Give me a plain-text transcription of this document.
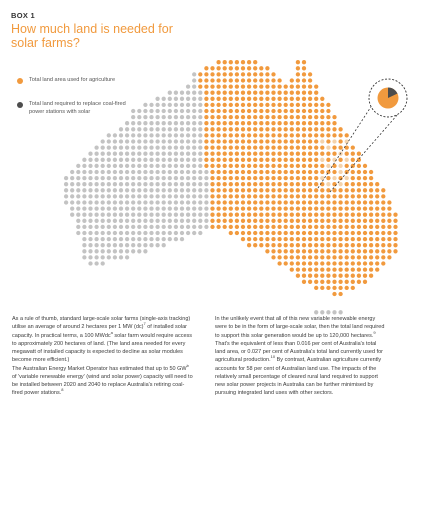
BOX 1
How much land is needed for solar farms?
Total land area used for agriculture
Total land required to replace coal-fired power stations with solar

As a rule of thumb, standard large-scale solar farms (single-axis tracking) utilise an average of around 2 hectares per 1 MW (dc)$^7$ of installed solar capacity. In practical terms, a 100 MWdc$^a$ solar farm would require access to approximately 200 hectares of land. (The land area needed for every megawatt of installed capacity is expected to decline as solar modules become more efficient.)

The Australian Energy Market Operator has estimated that up to 50 $GW^b$ of 'variable renewable energy' (wind and solar power) capacity will need to be installed between 2020 and 2040 to replace Australia's retiring coal-fired power stations.$^8$

In the unlikely event that all of this new variable renewable energy were to be in the form of large-scale solar, then the total land required to support this solar generation would be up to 120,000 hectares.$^9$ That's the equivalent of less than 0.016 per cent of Australia's total land area, or 0.027 per cent of Australia's total land currently used for agricultural production.$^{10}$ By contrast, Australian agriculture currently accounts for 58 per cent of Australian land use. The impacts of the relatively small percentage of cleared rural land required to support new solar power projects in Australia can be further minimised by pursuing integrated land uses with other sectors.
